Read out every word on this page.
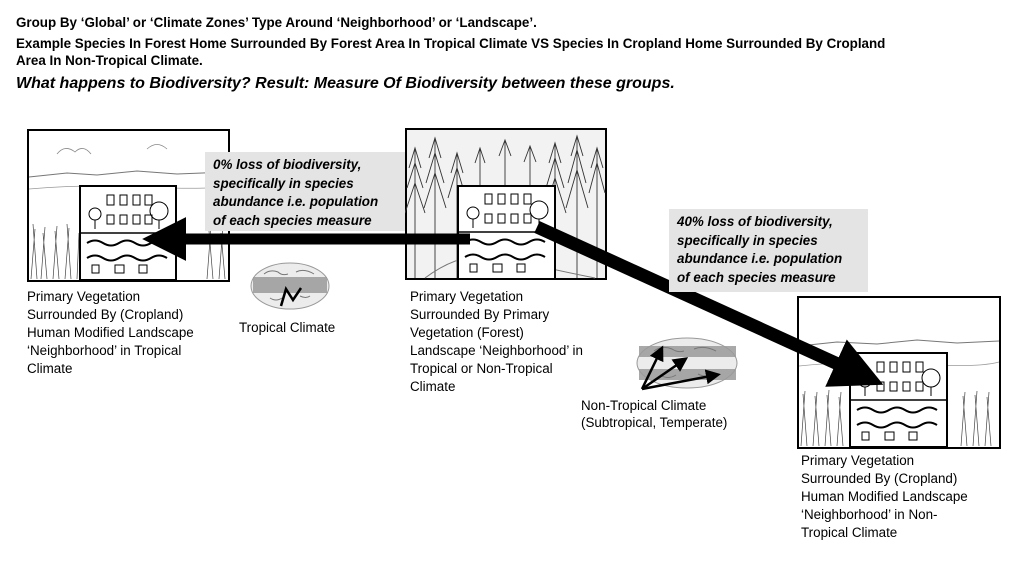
Group By ‘Global’ or ‘Climate Zones’ Type Around ‘Neighborhood’ or ‘Landscape’.
Example Species In Forest Home Surrounded By Forest Area In Tropical Climate VS Species In Cropland Home Surrounded By Cropland
Area In Non-Tropical Climate.
What happens to Biodiversity? Result: Measure Of Biodiversity between these groups.
0% loss of biodiversity,
specifically in species
abundance i.e. population
of each species measure	40% loss of biodiversity,
specifically in species
abundance i.e. population
of each species measure
Primary Vegetation
Surrounded By (Cropland)
Human Modified Landscape
‘Neighborhood’ in Tropical
Climate
Primary Vegetation
Surrounded By Primary
Vegetation (Forest)
Landscape ‘Neighborhood’ in
Tropical or Non-Tropical
Climate
Primary Vegetation
Surrounded By (Cropland)
Human Modified Landscape
‘Neighborhood’ in Non-
Tropical Climate
Tropical Climate
Non-Tropical Climate
(Subtropical, Temperate)
